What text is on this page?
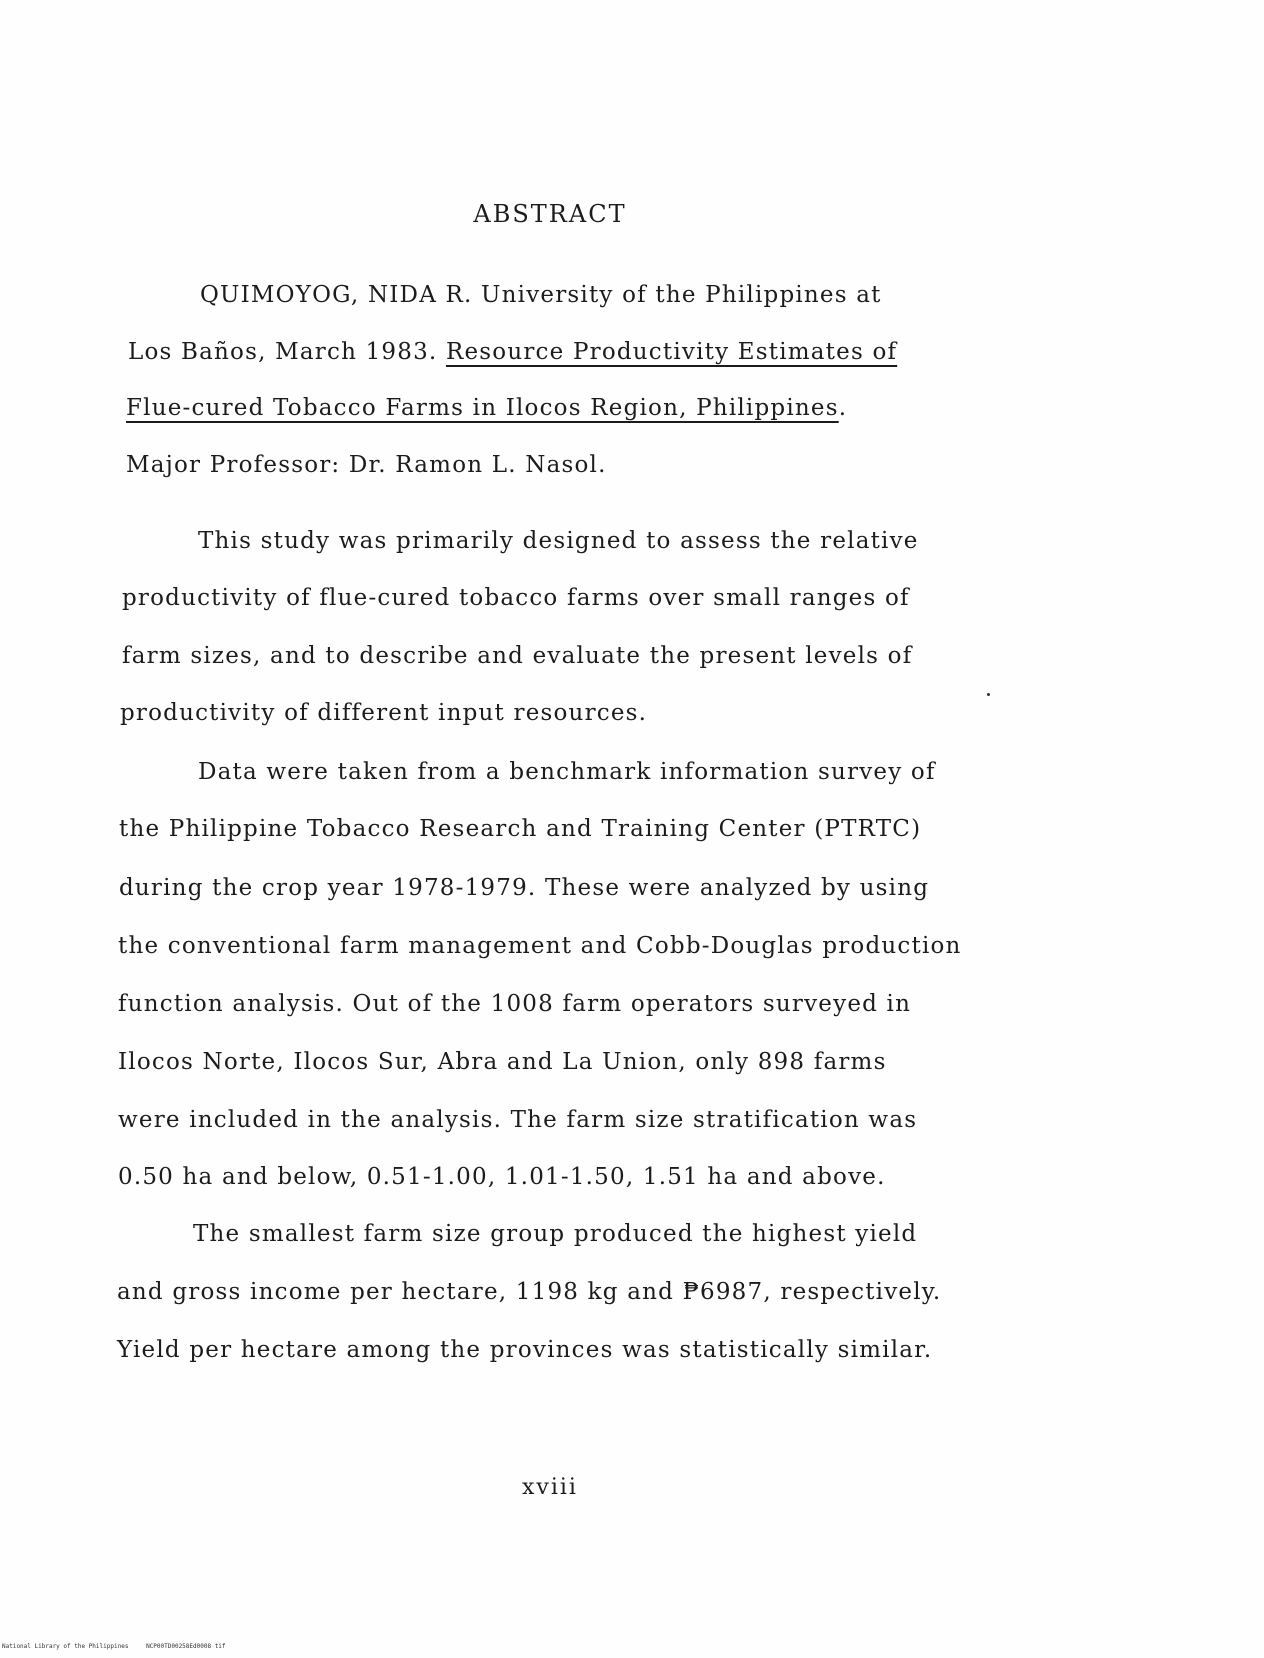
ABSTRACT
QUIMOYOG, NIDA R. University of the Philippines at
Los Baños, March 1983. Resource Productivity Estimates of
Flue-cured Tobacco Farms in Ilocos Region, Philippines.
Major Professor: Dr. Ramon L. Nasol.
This study was primarily designed to assess the relative
productivity of flue-cured tobacco farms over small ranges of
farm sizes, and to describe and evaluate the present levels of
productivity of different input resources.
Data were taken from a benchmark information survey of
the Philippine Tobacco Research and Training Center (PTRTC)
during the crop year 1978-1979. These were analyzed by using
the conventional farm management and Cobb-Douglas production
function analysis. Out of the 1008 farm operators surveyed in
Ilocos Norte, Ilocos Sur, Abra and La Union, only 898 farms
were included in the analysis. The farm size stratification was
0.50 ha and below, 0.51-1.00, 1.01-1.50, 1.51 ha and above.
The smallest farm size group produced the highest yield
and gross income per hectare, 1198 kg and ₱6987, respectively.
Yield per hectare among the provinces was statistically similar.
xviii
National Library of the Philippines	NCP00TD00258Ed0008 tif
